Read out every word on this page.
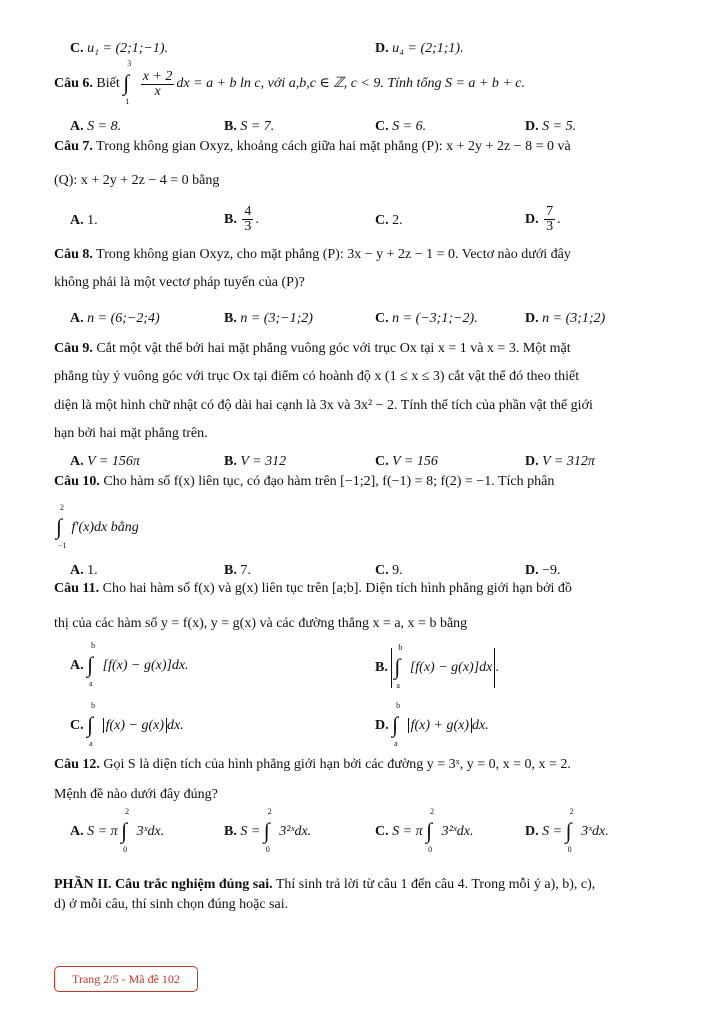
C. u₁ = (2;1;−1).	D. u₄ = (2;1;1).
Câu 6. Biết ∫
3
1

$\frac{x + 2}{x}$ dx = a + b ln c, với a,b,c ∈ ℤ, c < 9. Tính tổng S = a + b + c.
A. S = 8.	B. S = 7.	C. S = 6.	D. S = 5.
Câu 7. Trong không gian Oxyz, khoảng cách giữa hai mặt phẳng (P): x + 2y + 2z − 8 = 0 và
(Q): x + 2y + 2z − 4 = 0 bằng
A. 1.	B. $\frac{4}{3}$ .	C. 2.	D. $\frac{7}{3}$ .
Câu 8. Trong không gian Oxyz, cho mặt phẳng (P): 3x − y + 2z − 1 = 0. Vectơ nào dưới đây
không phải là một vectơ pháp tuyến của (P)?
A. n = (6;−2;4)	B. n = (3;−1;2)	C. n = (−3;1;−2).	D. n = (3;1;2)
Câu 9. Cắt một vật thể bởi hai mặt phẳng vuông góc với trục Ox tại x = 1 và x = 3. Một mặt
phẳng tùy ý vuông góc với trục Ox tại điểm có hoành độ x (1 ≤ x ≤ 3) cắt vật thể đó theo thiết
diện là một hình chữ nhật có độ dài hai cạnh là 3x và 3x² − 2. Tính thể tích của phần vật thể giới
hạn bởi hai mặt phẳng trên.
A. V = 156π	B. V = 312	C. V = 156	D. V = 312π
Câu 10. Cho hàm số f(x) liên tục, có đạo hàm trên [−1;2], f(−1) = 8; f(2) = −1. Tích phân
∫
2
−1
f′(x)dx bằng
A. 1.	B. 7.	C. 9.	D. −9.
Câu 11. Cho hai hàm số f(x) và g(x) liên tục trên [a;b]. Diện tích hình phẳng giới hạn bởi đồ
thị của các hàm số y = f(x), y = g(x) và các đường thẳng x = a, x = b bằng
A. ∫
b
a
[f(x) − g(x)]dx.	B. ∫
b
a
[f(x) − g(x)]dx .
C. ∫
b
a
f(x) − g(x) dx.	D. ∫
b
a
f(x) + g(x) dx.
Câu 12. Gọi S là diện tích của hình phẳng giới hạn bởi các đường y = 3ˣ, y = 0, x = 0, x = 2.
Mệnh đề nào dưới đây đúng?
A. S = π ∫
2
0
3ˣdx.	B. S = ∫
2
0
3²ˣdx.	C. S = π ∫
2
0
3²ˣdx.	D. S = ∫
2
0
3ˣdx.
PHẦN II. Câu trắc nghiệm đúng sai. Thí sinh trả lời từ câu 1 đến câu 4. Trong mỗi ý a), b), c),
d) ở mỗi câu, thí sinh chọn đúng hoặc sai.
Trang 2/5 - Mã đề 102
